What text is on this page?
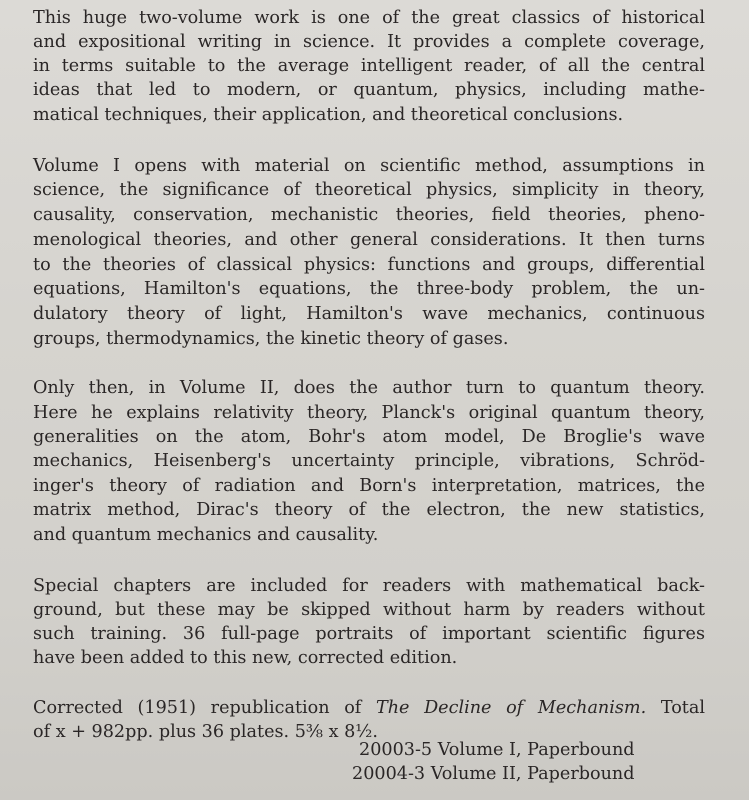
This huge two-volume work is one of the great classics of historical
and expositional writing in science. It provides a complete coverage,
in terms suitable to the average intelligent reader, of all the central
ideas that led to modern, or quantum, physics, including mathe-
matical techniques, their application, and theoretical conclusions.
Volume I opens with material on scientific method, assumptions in
science, the significance of theoretical physics, simplicity in theory,
causality, conservation, mechanistic theories, field theories, pheno-
menological theories, and other general considerations. It then turns
to the theories of classical physics: functions and groups, differential
equations, Hamilton's equations, the three-body problem, the un-
dulatory theory of light, Hamilton's wave mechanics, continuous
groups, thermodynamics, the kinetic theory of gases.
Only then, in Volume II, does the author turn to quantum theory.
Here he explains relativity theory, Planck's original quantum theory,
generalities on the atom, Bohr's atom model, De Broglie's wave
mechanics, Heisenberg's uncertainty principle, vibrations, Schröd-
inger's theory of radiation and Born's interpretation, matrices, the
matrix method, Dirac's theory of the electron, the new statistics,
and quantum mechanics and causality.
Special chapters are included for readers with mathematical back-
ground, but these may be skipped without harm by readers without
such training. 36 full-page portraits of important scientific figures
have been added to this new, corrected edition.
Corrected (1951) republication of The Decline of Mechanism. Total
of x + 982pp. plus 36 plates. 5⅜ x 8½.
20003-5 Volume I, Paperbound
20004-3 Volume II, Paperbound
